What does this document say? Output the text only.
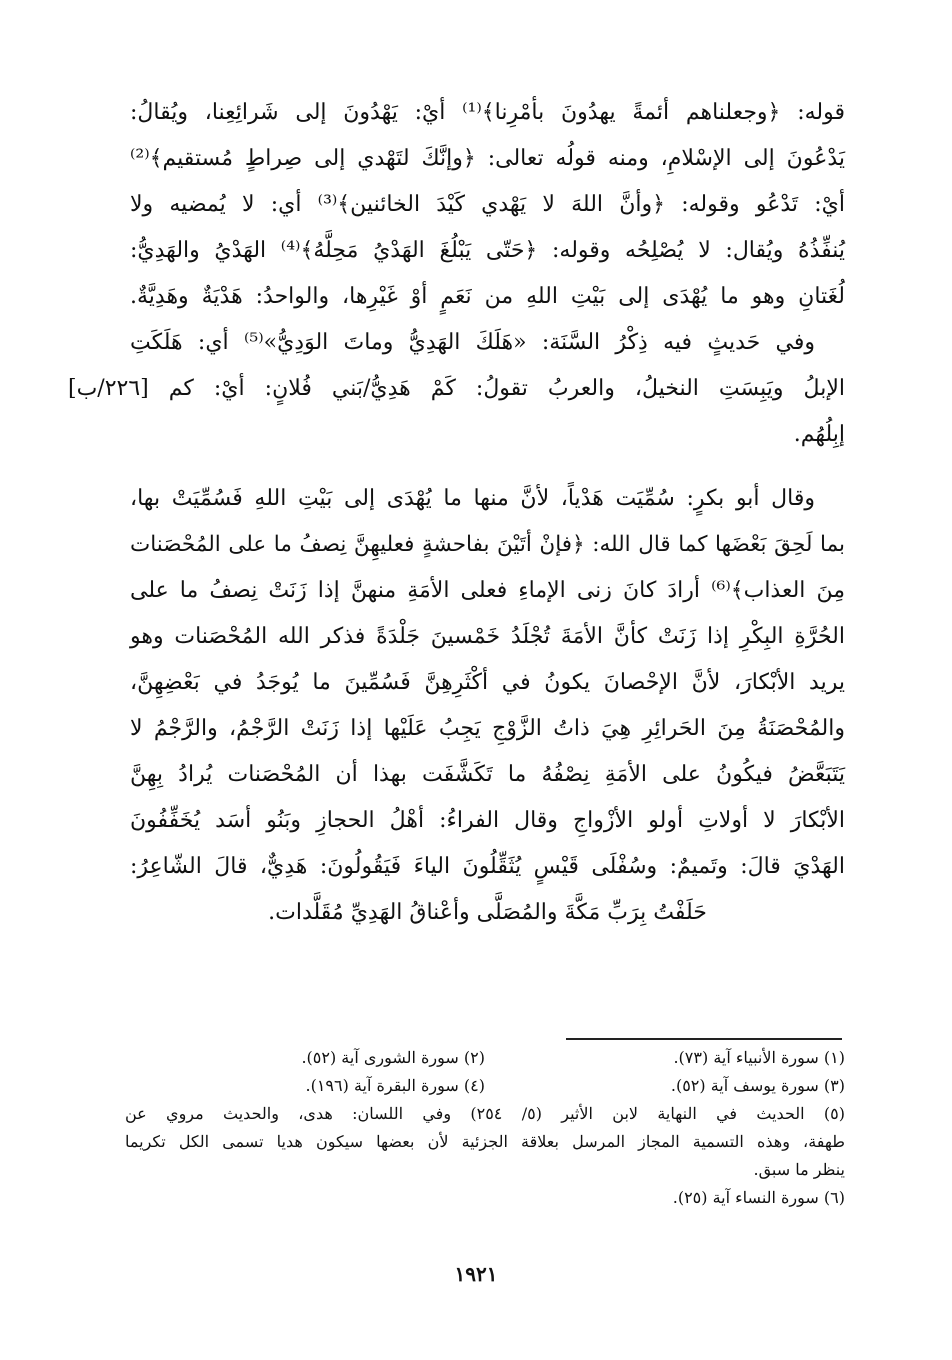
قوله: ﴿وجعلناهم أئمةً يهدُونَ بأمْرِنا﴾⁽¹⁾ أيْ: يَهْدُونَ إلى شَرائِعِنا، ويُقالُ:
يَدْعُونَ إلى الإسْلامِ، ومنه قولُه تعالى: ﴿وإنَّكَ لتَهْدي إلى صِراطٍ مُستقيم﴾⁽²⁾
أيْ: تَدْعُو وقوله: ﴿وأنَّ اللهَ لا يَهْدي كَيْدَ الخائنين﴾⁽³⁾ أي: لا يُمضيه ولا
يُنفِّذُهُ ويُقال: لا يُصْلِحُه وقوله: ﴿حَتّى يَبْلُغَ الهَدْيُ مَحِلَّهُ﴾⁽⁴⁾ الهَدْيُ والهَدِيُّ:
لُغَتانِ وهو ما يُهْدَى إلى بَيْتِ اللهِ من نَعَمٍ أوْ غَيْرِها، والواحدُ: هَدْيَةٌ وهَدِيَّةٌ.
وفي حَديثٍ فيه ذِكْرُ السَّنَة: «هَلَكَ الهَدِيُّ وماتَ الوَدِيُّ»⁽⁵⁾ أي: هَلَكَتِ
الإبلُ ويَبِسَتِ النخيلُ، والعربُ تقولُ: كَمْ هَدِيُّ/بَني فُلانٍ: أيْ: كم [٢٢٦/ب]
إبِلُهُم.
وقال أبو بكرٍ: سُمِّيَت هَدْياً، لأنَّ منها ما يُهْدَى إلى بَيْتِ اللهِ فَسُمِّيَتْ بها،
بما لَحِقَ بَعْضَها كما قال الله: ﴿فإنْ أتَيْنَ بفاحشةٍ فعليهِنَّ نِصفُ ما على المُحْصَنات
مِنَ العذاب﴾⁽⁶⁾ أرادَ كانَ زنى الإماءِ فعلى الأمَةِ منهنَّ إذا زَنَتْ نِصفُ ما على
الحُرَّةِ البِكْرِ إذا زَنَتْ كأنَّ الأمَةَ تُجْلَدُ خَمْسينَ جَلْدَةً فذكر الله المُحْصَنات وهو
يريد الأبْكارَ، لأنَّ الإحْصانَ يكونُ في أكْثَرِهِنَّ فَسُمِّينَ ما يُوجَدُ في بَعْضِهِنَّ،
والمُحْصَنَةُ مِنَ الحَرائِرِ هِيَ ذاتُ الزَّوْجِ يَجِبُ عَلَيْها إذا زَنَتْ الرَّجْمُ، والرَّجْمُ لا
يَتَبَعَّضُ فيكُونُ على الأمَةِ نِصْفُهُ ما تَكَشَّفَت بهذا أن المُحْصَنات يُرادُ بِهِنَّ
الأبْكارَ لا أولاتِ أولو الأزْواجِ وقال الفراءُ: أهْلُ الحجازِ وبَنُو أسَد يُخَفِّفُونَ
الهَدْيَ قالَ: وتَميمٌ: وسُفْلَى قَيْسٍ يُثَقِّلُونَ الياءَ فَيَقُولُونَ: هَدِيٌّ، قالَ الشّاعِرُ:
حَلَفْتُ بِرَبِّ مَكَّةَ والمُصَلَّى وأعْناقُ الهَدِيِّ مُقَلَّدات.
(١) سورة الأنبياء آية (٧٣).
(٢) سورة الشورى آية (٥٢).
(٣) سورة يوسف آية (٥٢).
(٤) سورة البقرة آية (١٩٦).
(٥) الحديث في النهاية لابن الأثير (٥/ ٢٥٤) وفي اللسان: هدى، والحديث مروي عن
طهفة، وهذه التسمية المجاز المرسل بعلاقة الجزئية لأن بعضها سيكون هديا تسمى الكل تكريما
ينظر ما سبق.
(٦) سورة النساء آية (٢٥).
١٩٢١
